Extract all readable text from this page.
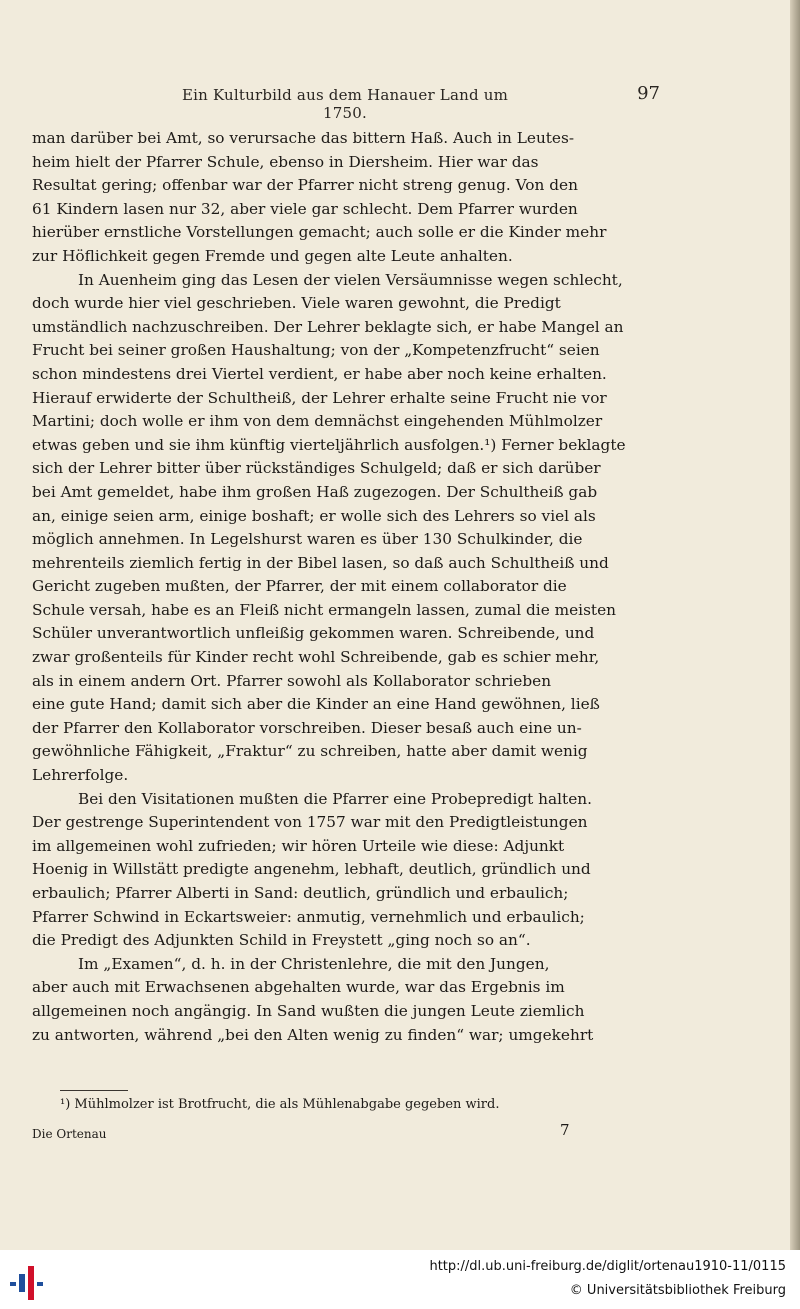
Ein Kulturbild aus dem Hanauer Land um 1750.
97
man darüber bei Amt, so verursache das bittern Haß. Auch in Leutes-
heim hielt der Pfarrer Schule, ebenso in Diersheim. Hier war das
Resultat gering; offenbar war der Pfarrer nicht streng genug. Von den
61 Kindern lasen nur 32, aber viele gar schlecht. Dem Pfarrer wurden
hierüber ernstliche Vorstellungen gemacht; auch solle er die Kinder mehr
zur Höflichkeit gegen Fremde und gegen alte Leute anhalten.
In Auenheim ging das Lesen der vielen Versäumnisse wegen schlecht,
doch wurde hier viel geschrieben. Viele waren gewohnt, die Predigt
umständlich nachzuschreiben. Der Lehrer beklagte sich, er habe Mangel an
Frucht bei seiner großen Haushaltung; von der „Kompetenzfrucht“ seien
schon mindestens drei Viertel verdient, er habe aber noch keine erhalten.
Hierauf erwiderte der Schultheiß, der Lehrer erhalte seine Frucht nie vor
Martini; doch wolle er ihm von dem demnächst eingehenden Mühlmolzer
etwas geben und sie ihm künftig vierteljährlich ausfolgen.¹) Ferner beklagte
sich der Lehrer bitter über rückständiges Schulgeld; daß er sich darüber
bei Amt gemeldet, habe ihm großen Haß zugezogen. Der Schultheiß gab
an, einige seien arm, einige boshaft; er wolle sich des Lehrers so viel als
möglich annehmen. In Legelshurst waren es über 130 Schulkinder, die
mehrenteils ziemlich fertig in der Bibel lasen, so daß auch Schultheiß und
Gericht zugeben mußten, der Pfarrer, der mit einem collaborator die
Schule versah, habe es an Fleiß nicht ermangeln lassen, zumal die meisten
Schüler unverantwortlich unfleißig gekommen waren. Schreibende, und
zwar großenteils für Kinder recht wohl Schreibende, gab es schier mehr,
als in einem andern Ort. Pfarrer sowohl als Kollaborator schrieben
eine gute Hand; damit sich aber die Kinder an eine Hand gewöhnen, ließ
der Pfarrer den Kollaborator vorschreiben. Dieser besaß auch eine un-
gewöhnliche Fähigkeit, „Fraktur“ zu schreiben, hatte aber damit wenig
Lehrerfolge.
Bei den Visitationen mußten die Pfarrer eine Probepredigt halten.
Der gestrenge Superintendent von 1757 war mit den Predigtleistungen
im allgemeinen wohl zufrieden; wir hören Urteile wie diese: Adjunkt
Hoenig in Willstätt predigte angenehm, lebhaft, deutlich, gründlich und
erbaulich; Pfarrer Alberti in Sand: deutlich, gründlich und erbaulich;
Pfarrer Schwind in Eckartsweier: anmutig, vernehmlich und erbaulich;
die Predigt des Adjunkten Schild in Freystett „ging noch so an“.
Im „Examen“, d. h. in der Christenlehre, die mit den Jungen,
aber auch mit Erwachsenen abgehalten wurde, war das Ergebnis im
allgemeinen noch angängig. In Sand wußten die jungen Leute ziemlich
zu antworten, während „bei den Alten wenig zu finden“ war; umgekehrt
¹) Mühlmolzer ist Brotfrucht, die als Mühlenabgabe gegeben wird.
Die Ortenau	7
http://dl.ub.uni-freiburg.de/diglit/ortenau1910-11/0115
© Universitätsbibliothek Freiburg
